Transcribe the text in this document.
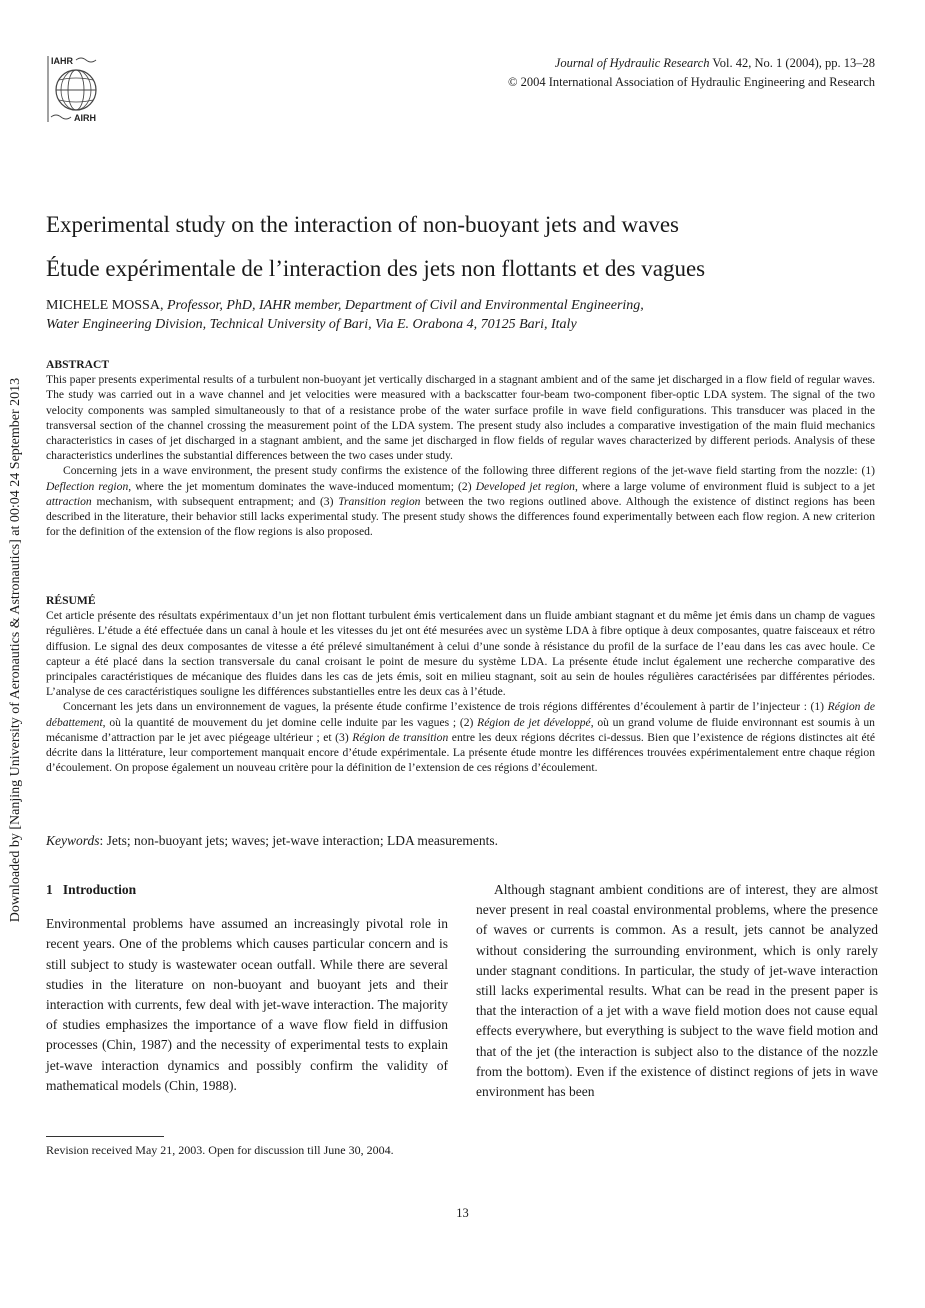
IAHR
AIRH
Journal of Hydraulic Research Vol. 42, No. 1 (2004), pp. 13–28
© 2004 International Association of Hydraulic Engineering and Research
Downloaded by [Nanjing University of Aeronautics & Astronautics] at 00:04 24 September 2013
Experimental study on the interaction of non-buoyant jets and waves
Étude expérimentale de l’interaction des jets non flottants et des vagues
MICHELE MOSSA, Professor, PhD, IAHR member, Department of Civil and Environmental Engineering,
Water Engineering Division, Technical University of Bari, Via E. Orabona 4, 70125 Bari, Italy

ABSTRACT

This paper presents experimental results of a turbulent non-buoyant jet vertically discharged in a stagnant ambient and of the same jet discharged in a flow field of regular waves. The study was carried out in a wave channel and jet velocities were measured with a backscatter four-beam two-component fiber-optic LDA system. The signal of the two velocity components was sampled simultaneously to that of a resistance probe of the water surface profile in wave field configurations. This transducer was placed in the transversal section of the channel crossing the measurement point of the LDA system. The present study also includes a comparative investigation of the main fluid mechanics characteristics in cases of jet discharged in a stagnant ambient, and the same jet discharged in flow fields of regular waves characterized by different periods. Analysis of these characteristics underlines the substantial differences between the two cases under study.

Concerning jets in a wave environment, the present study confirms the existence of the following three different regions of the jet-wave field starting from the nozzle: (1) Deflection region, where the jet momentum dominates the wave-induced momentum; (2) Developed jet region, where a large volume of environment fluid is subject to a jet attraction mechanism, with subsequent entrapment; and (3) Transition region between the two regions outlined above. Although the existence of distinct regions has been described in the literature, their behavior still lacks experimental study. The present study shows the differences found experimentally between each flow region. A new criterion for the definition of the extension of the flow regions is also proposed.

RÉSUMÉ

Cet article présente des résultats expérimentaux d’un jet non flottant turbulent émis verticalement dans un fluide ambiant stagnant et du même jet émis dans un champ de vagues régulières. L’étude a été effectuée dans un canal à houle et les vitesses du jet ont été mesurées avec un système LDA à fibre optique à deux composantes, quatre faisceaux et rétro diffusion. Le signal des deux composantes de vitesse a été prélevé simultanément à celui d’une sonde à résistance du profil de la surface de l’eau dans les cas avec houle. Ce capteur a été placé dans la section transversale du canal croisant le point de mesure du système LDA. La présente étude inclut également une recherche comparative des principales caractéristiques de mécanique des fluides dans les cas de jets émis, soit en milieu stagnant, soit au sein de houles régulières caractérisées par différentes périodes. L’analyse de ces caractéristiques souligne les différences substantielles entre les deux cas à l’étude.

Concernant les jets dans un environnement de vagues, la présente étude confirme l’existence de trois régions différentes d’écoulement à partir de l’injecteur : (1) Région de débattement, où la quantité de mouvement du jet domine celle induite par les vagues ; (2) Région de jet développé, où un grand volume de fluide environnant est soumis à un mécanisme d’attraction par le jet avec piégeage ultérieur ; et (3) Région de transition entre les deux régions décrites ci-dessus. Bien que l’existence de régions distinctes ait été décrite dans la littérature, leur comportement manquait encore d’étude expérimentale. La présente étude montre les différences trouvées expérimentalement entre chaque région d’écoulement. On propose également un nouveau critère pour la définition de l’extension de ces régions d’écoulement.

Keywords: Jets; non-buoyant jets; waves; jet-wave interaction; LDA measurements.

1 Introduction

Environmental problems have assumed an increasingly pivotal role in recent years. One of the problems which causes particular concern and is still subject to study is wastewater ocean outfall. While there are several studies in the literature on non-buoyant and buoyant jets and their interaction with currents, few deal with jet-wave interaction. The majority of studies emphasizes the importance of a wave flow field in diffusion processes (Chin, 1987) and the necessity of experimental tests to explain jet-wave interaction dynamics and possibly confirm the validity of mathematical models (Chin, 1988).

Although stagnant ambient conditions are of interest, they are almost never present in real coastal environmental problems, where the presence of waves or currents is common. As a result, jets cannot be analyzed without considering the surrounding environment, which is only rarely under stagnant conditions. In particular, the study of jet-wave interaction still lacks experimental results. What can be read in the present paper is that the interaction of a jet with a wave field motion does not cause equal effects everywhere, but everything is subject to the wave field motion and that of the jet (the interaction is subject also to the distance of the nozzle from the bottom). Even if the existence of distinct regions of jets in wave environment has been

Revision received May 21, 2003. Open for discussion till June 30, 2004.
13
